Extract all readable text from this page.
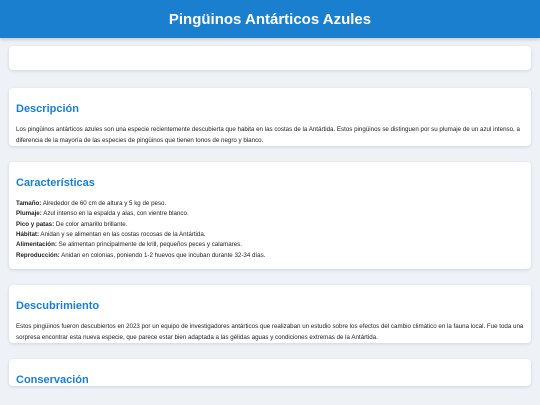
Pingüinos Antárticos Azules
Descripción

Los pingüinos antárticos azules son una especie recientemente descubierta que habita en las costas de la Antártida. Estos pingüinos se distinguen por su plumaje de un azul intenso, a diferencia de la mayoría de las especies de pingüinos que tienen tonos de negro y blanco.

Características
Tamaño: Alrededor de 60 cm de altura y 5 kg de peso.
Plumaje: Azul intenso en la espalda y alas, con vientre blanco.
Pico y patas: De color amarillo brillante.
Hábitat: Anidan y se alimentan en las costas rocosas de la Antártida.
Alimentación: Se alimentan principalmente de krill, pequeños peces y calamares.
Reproducción: Anidan en colonias, poniendo 1-2 huevos que incuban durante 32-34 días.
Descubrimiento

Estos pingüinos fueron descubiertos en 2023 por un equipo de investigadores antárticos que realizaban un estudio sobre los efectos del cambio climático en la fauna local. Fue toda una sorpresa encontrar esta nueva especie, que parece estar bien adaptada a las gélidas aguas y condiciones extremas de la Antártida.

Conservación
